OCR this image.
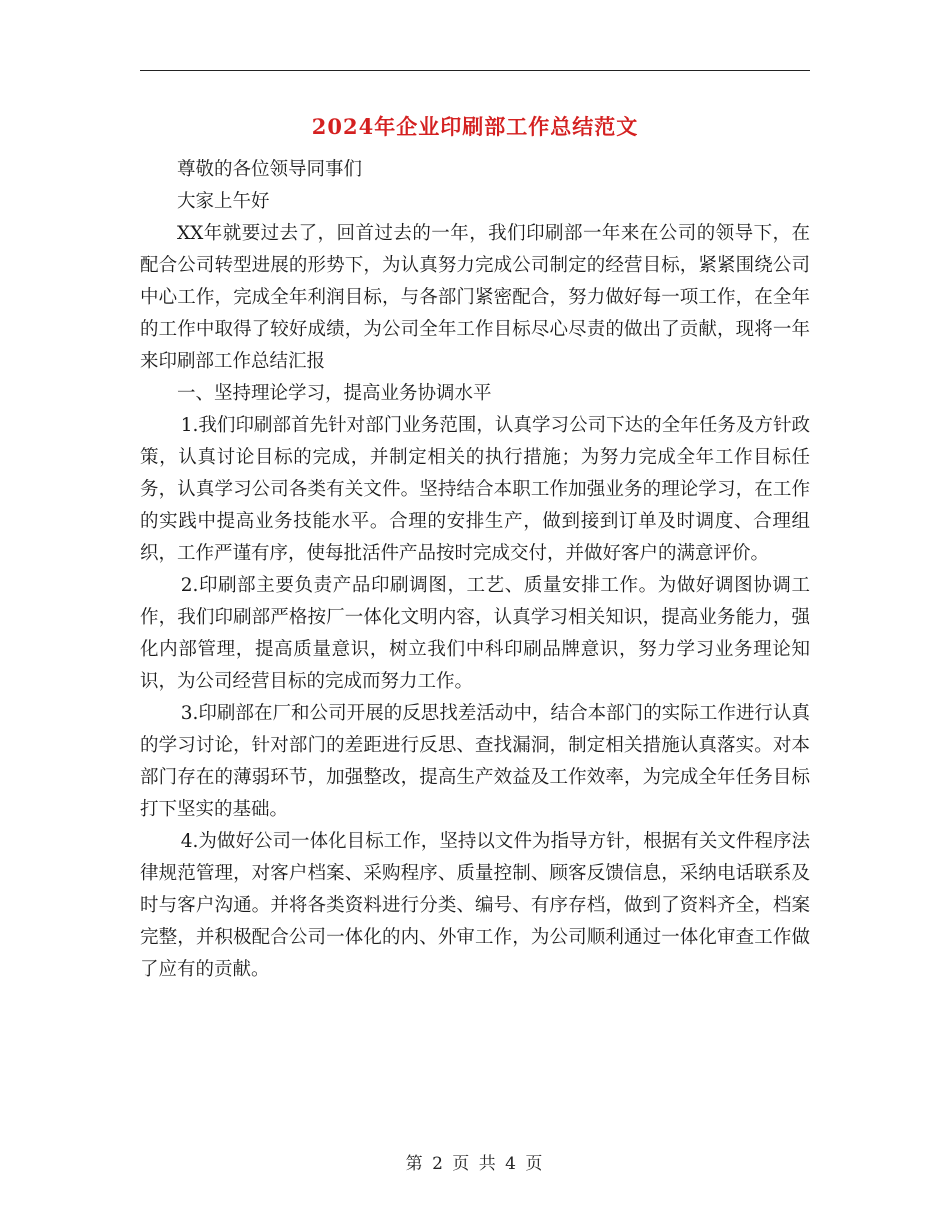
2024年企业印刷部工作总结范文

尊敬的各位领导同事们

大家上午好

XX年就要过去了，回首过去的一年，我们印刷部一年来在公司的领导下，在配合公司转型进展的形势下，为认真努力完成公司制定的经营目标，紧紧围绕公司中心工作，完成全年利润目标，与各部门紧密配合，努力做好每一项工作，在全年的工作中取得了较好成绩，为公司全年工作目标尽心尽责的做出了贡献，现将一年来印刷部工作总结汇报

一、坚持理论学习，提高业务协调水平

1.我们印刷部首先针对部门业务范围，认真学习公司下达的全年任务及方针政策，认真讨论目标的完成，并制定相关的执行措施；为努力完成全年工作目标任务，认真学习公司各类有关文件。坚持结合本职工作加强业务的理论学习，在工作的实践中提高业务技能水平。合理的安排生产，做到接到订单及时调度、合理组织，工作严谨有序，使每批活件产品按时完成交付，并做好客户的满意评价。

2.印刷部主要负责产品印刷调图，工艺、质量安排工作。为做好调图协调工作，我们印刷部严格按厂一体化文明内容，认真学习相关知识，提高业务能力，强化内部管理，提高质量意识，树立我们中科印刷品牌意识，努力学习业务理论知识，为公司经营目标的完成而努力工作。

3.印刷部在厂和公司开展的反思找差活动中，结合本部门的实际工作进行认真的学习讨论，针对部门的差距进行反思、查找漏洞，制定相关措施认真落实。对本部门存在的薄弱环节，加强整改，提高生产效益及工作效率，为完成全年任务目标打下坚实的基础。

4.为做好公司一体化目标工作，坚持以文件为指导方针，根据有关文件程序法律规范管理，对客户档案、采购程序、质量控制、顾客反馈信息，采纳电话联系及时与客户沟通。并将各类资料进行分类、编号、有序存档，做到了资料齐全，档案完整，并积极配合公司一体化的内、外审工作，为公司顺利通过一体化审查工作做了应有的贡献。

第 2 页 共 4 页
